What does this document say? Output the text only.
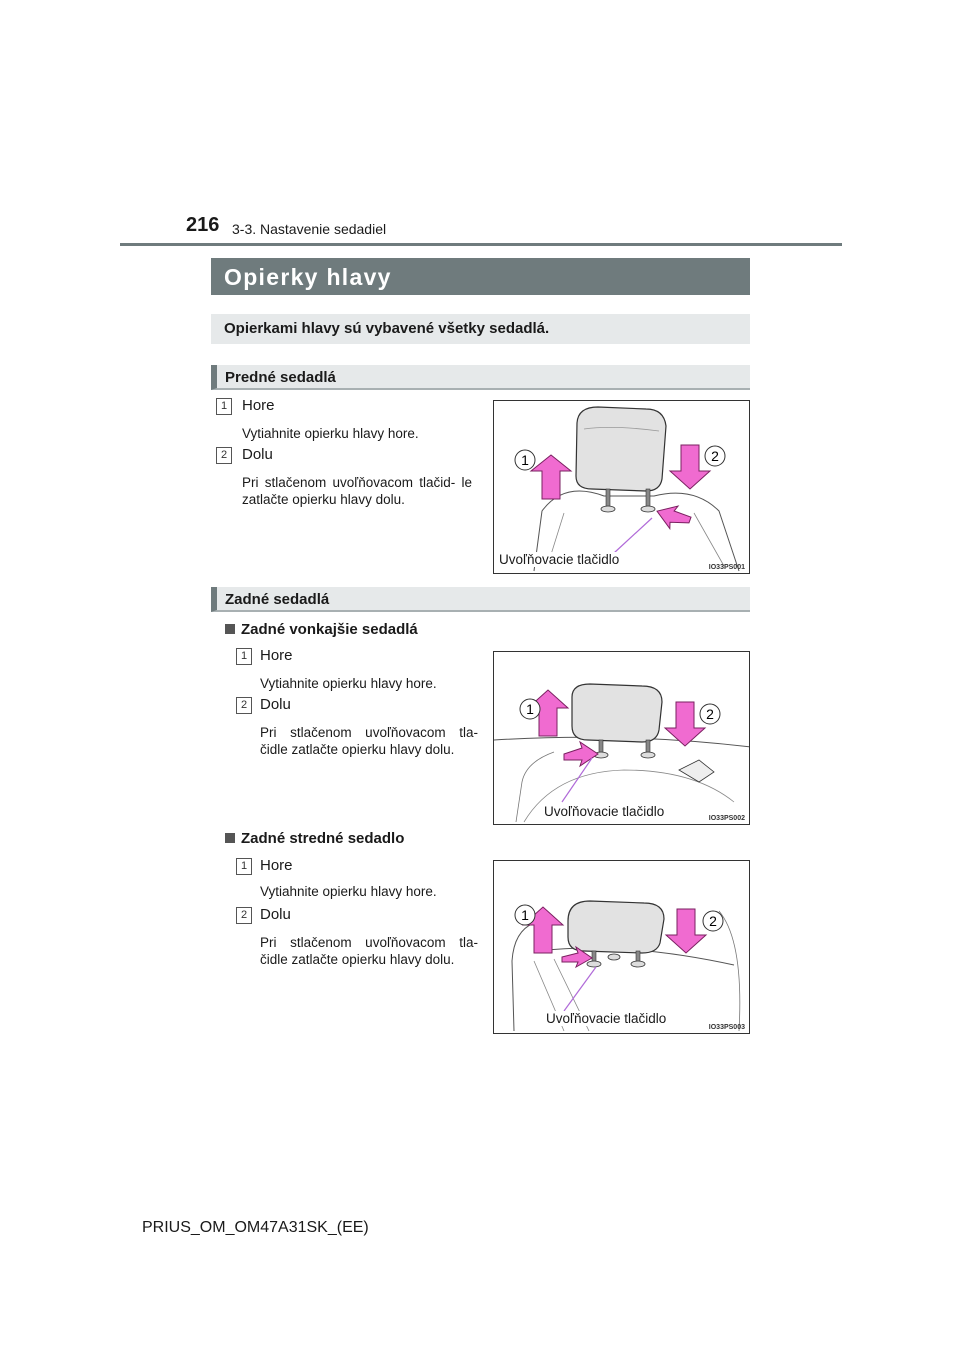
216 3-3. Nastavenie sedadiel
Opierky hlavy
Opierkami hlavy sú vybavené všetky sedadlá.
Predné sedadlá
1 Hore
Vytiahnite opierku hlavy hore.
2 Dolu
Pri stlačenom uvoľňovacom tlačid- le zatlačte opierku hlavy dolu.
1	2
Uvoľňovacie tlačidlo
IO33PS001
Zadné sedadlá
Zadné vonkajšie sedadlá
1 Hore
Vytiahnite opierku hlavy hore.
2 Dolu
Pri stlačenom uvoľňovacom tla- čidle zatlačte opierku hlavy dolu.
1	2
Uvoľňovacie tlačidlo	IO33PS002
Zadné stredné sedadlo
1 Hore
Vytiahnite opierku hlavy hore.
2 Dolu
Pri stlačenom uvoľňovacom tla- čidle zatlačte opierku hlavy dolu.
1	2
Uvoľňovacie tlačidlo
IO33PS003
PRIUS_OM_OM47A31SK_(EE)
